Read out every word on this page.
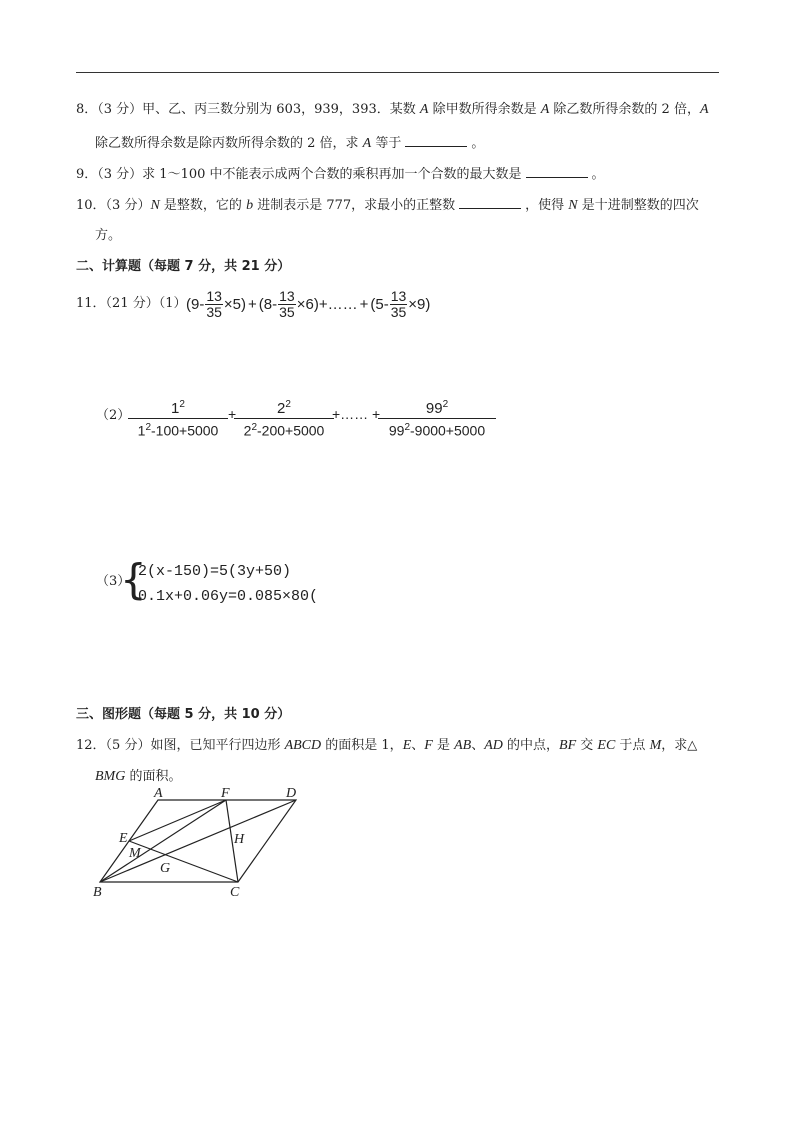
8．（3 分）甲、乙、丙三数分别为 603，939，393．某数 A 除甲数所得余数是 A 除乙数所得余数的 2 倍，A
除乙数所得余数是除丙数所得余数的 2 倍，求 A 等于	。
9．（3 分）求 1～100 中不能表示成两个合数的乘积再加一个合数的最大数是	。
10．（3 分）N 是整数，它的 b 进制表示是 777，求最小的正整数	，使得 N 是十进制整数的四次
方。
二、计算题（每题 7 分，共 21 分）
11．（21 分）（1） $(9- \frac{13}{35} \times 5) + (8- \frac{13}{35} \times 6)$ +…… + $(5- \frac{13}{35} \times 9)$
$(2) \frac{1^2}{1^2-100+5000} + \frac{2^2}{2^2-200+5000}$ +…… + $\frac{99^2}{99^2-9000+5000}$
（3）
{
2(x-150)=5(3y+50)
0.1x+0.06y=0.085×80(
三、图形题（每题 5 分，共 10 分）
12．（5 分）如图，已知平行四边形 ABCD 的面积是 1，E、F 是 AB、AD 的中点，BF 交 EC 于点 M，求△
BMG 的面积。
A	F	D
E	H
M
G
B	C
